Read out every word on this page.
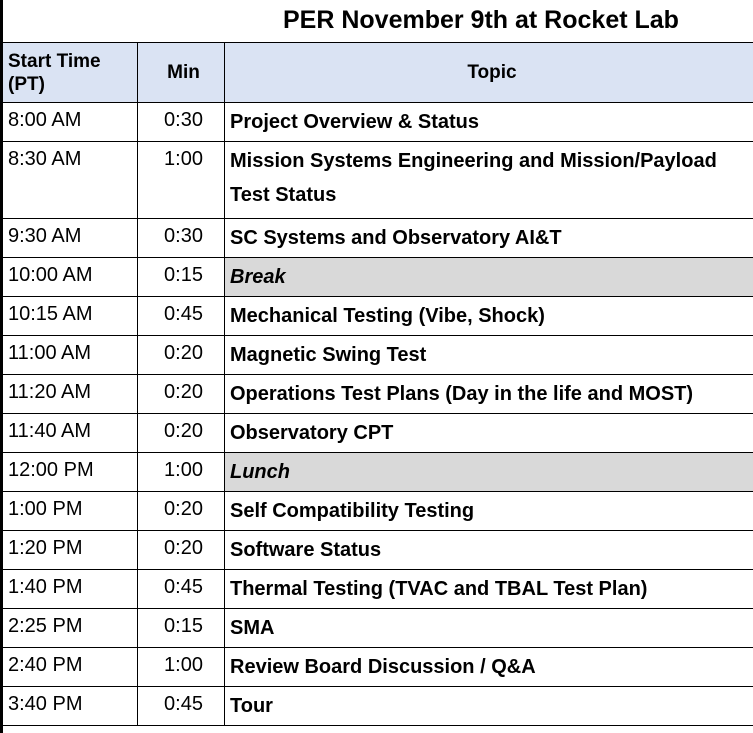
PER November 9th at Rocket Lab
Start Time (PT)	Min	Topic
8:00 AM	0:30	Project Overview & Status
8:30 AM	1:00	Mission Systems Engineering and Mission/Payload Test Status
9:30 AM	0:30	SC Systems and Observatory AI&T
10:00 AM	0:15	Break
10:15 AM	0:45	Mechanical Testing (Vibe, Shock)
11:00 AM	0:20	Magnetic Swing Test
11:20 AM	0:20	Operations Test Plans (Day in the life and MOST)
11:40 AM	0:20	Observatory CPT
12:00 PM	1:00	Lunch
1:00 PM	0:20	Self Compatibility Testing
1:20 PM	0:20	Software Status
1:40 PM	0:45	Thermal Testing (TVAC and TBAL Test Plan)
2:25 PM	0:15	SMA
2:40 PM	1:00	Review Board Discussion / Q&A
3:40 PM	0:45	Tour
